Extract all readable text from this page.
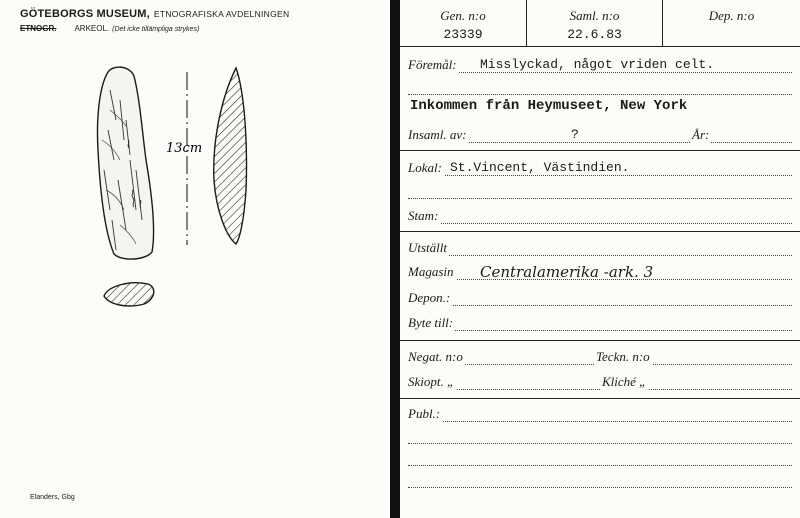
GÖTEBORGS MUSEUM, ETNOGRAFISKA AVDELNINGEN
ETNOGR. ARKEOL. (Det icke tillämpliga strykes)
13cm
Elanders, Gbg
Gen. n:o
23339
Saml. n:o
22.6.83
Dep. n:o
Föremål: Misslyckad, något vriden celt.
Inkommen från Heymuseet, New York
Insaml. av:	?	År:
Lokal: St.Vincent, Västindien.
Stam:
Utställt
Magasin Centralamerika -ark. 3
Depon.:
Byte till:
Negat. n:o	Teckn. n:o
Skiopt. „	Kliché „
Publ.:
